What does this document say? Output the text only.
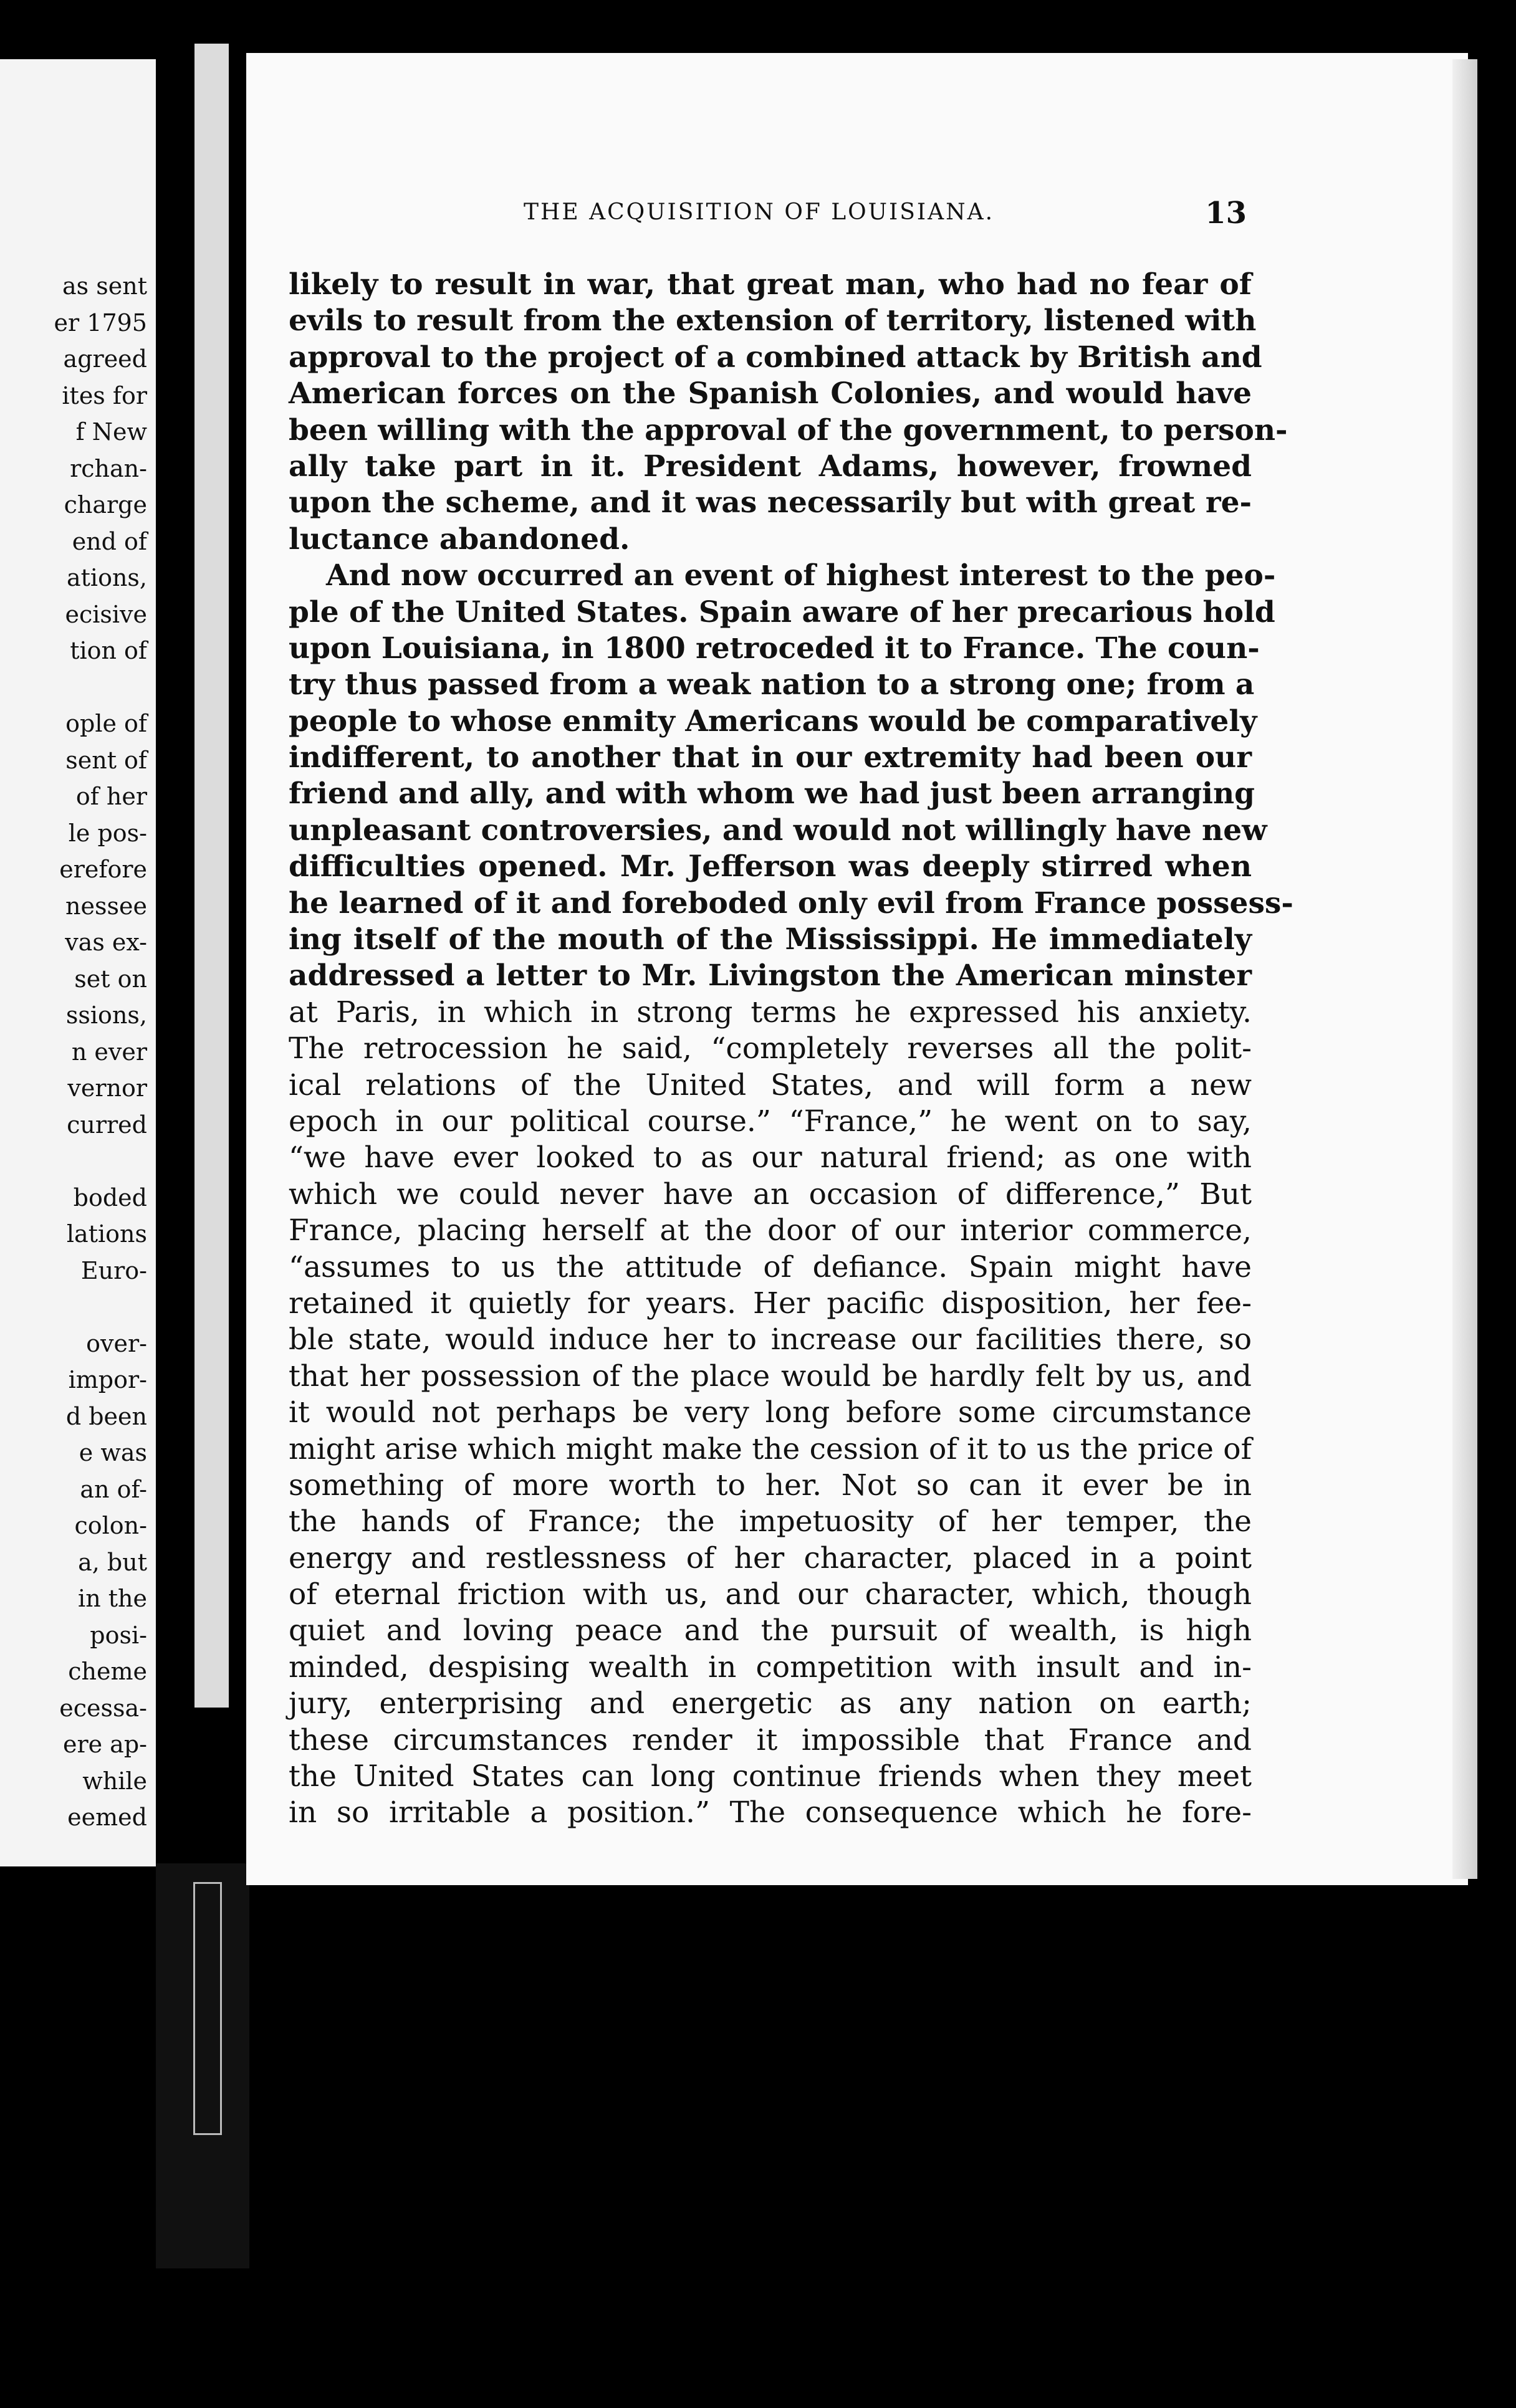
as sent
er 1795
agreed
ites for
f New
rchan-
charge
end of
ations,
ecisive
tion of
ople of
sent of
of her
le pos-
erefore
nessee
vas ex-
set on
ssions,
n ever
vernor
curred
boded
lations
Euro-
over-
impor-
d been
e was
an of-
colon-
a, but
in the
posi-
cheme
ecessa-
ere ap-
while
eemed
THE ACQUISITION OF LOUISIANA.	13
likely to result in war, that great man, who had no fear of
evils to result from the extension of territory, listened with
approval to the project of a combined attack by British and
American forces on the Spanish Colonies, and would have
been willing with the approval of the government, to person-
ally take part in it. President Adams, however, frowned
upon the scheme, and it was necessarily but with great re-
luctance abandoned.
And now occurred an event of highest interest to the peo-
ple of the United States. Spain aware of her precarious hold
upon Louisiana, in 1800 retroceded it to France. The coun-
try thus passed from a weak nation to a strong one; from a
people to whose enmity Americans would be comparatively
indifferent, to another that in our extremity had been our
friend and ally, and with whom we had just been arranging
unpleasant controversies, and would not willingly have new
difficulties opened. Mr. Jefferson was deeply stirred when
he learned of it and foreboded only evil from France possess-
ing itself of the mouth of the Mississippi. He immediately
addressed a letter to Mr. Livingston the American minster
at Paris, in which in strong terms he expressed his anxiety.
The retrocession he said, “completely reverses all the polit-
ical relations of the United States, and will form a new
epoch in our political course.” “France,” he went on to say,
“we have ever looked to as our natural friend; as one with
which we could never have an occasion of difference,” But
France, placing herself at the door of our interior commerce,
“assumes to us the attitude of defiance. Spain might have
retained it quietly for years. Her pacific disposition, her fee-
ble state, would induce her to increase our facilities there, so
that her possession of the place would be hardly felt by us, and
it would not perhaps be very long before some circumstance
might arise which might make the cession of it to us the price of
something of more worth to her. Not so can it ever be in
the hands of France; the impetuosity of her temper, the
energy and restlessness of her character, placed in a point
of eternal friction with us, and our character, which, though
quiet and loving peace and the pursuit of wealth, is high
minded, despising wealth in competition with insult and in-
jury, enterprising and energetic as any nation on earth;
these circumstances render it impossible that France and
the United States can long continue friends when they meet
in so irritable a position.” The consequence which he fore-
